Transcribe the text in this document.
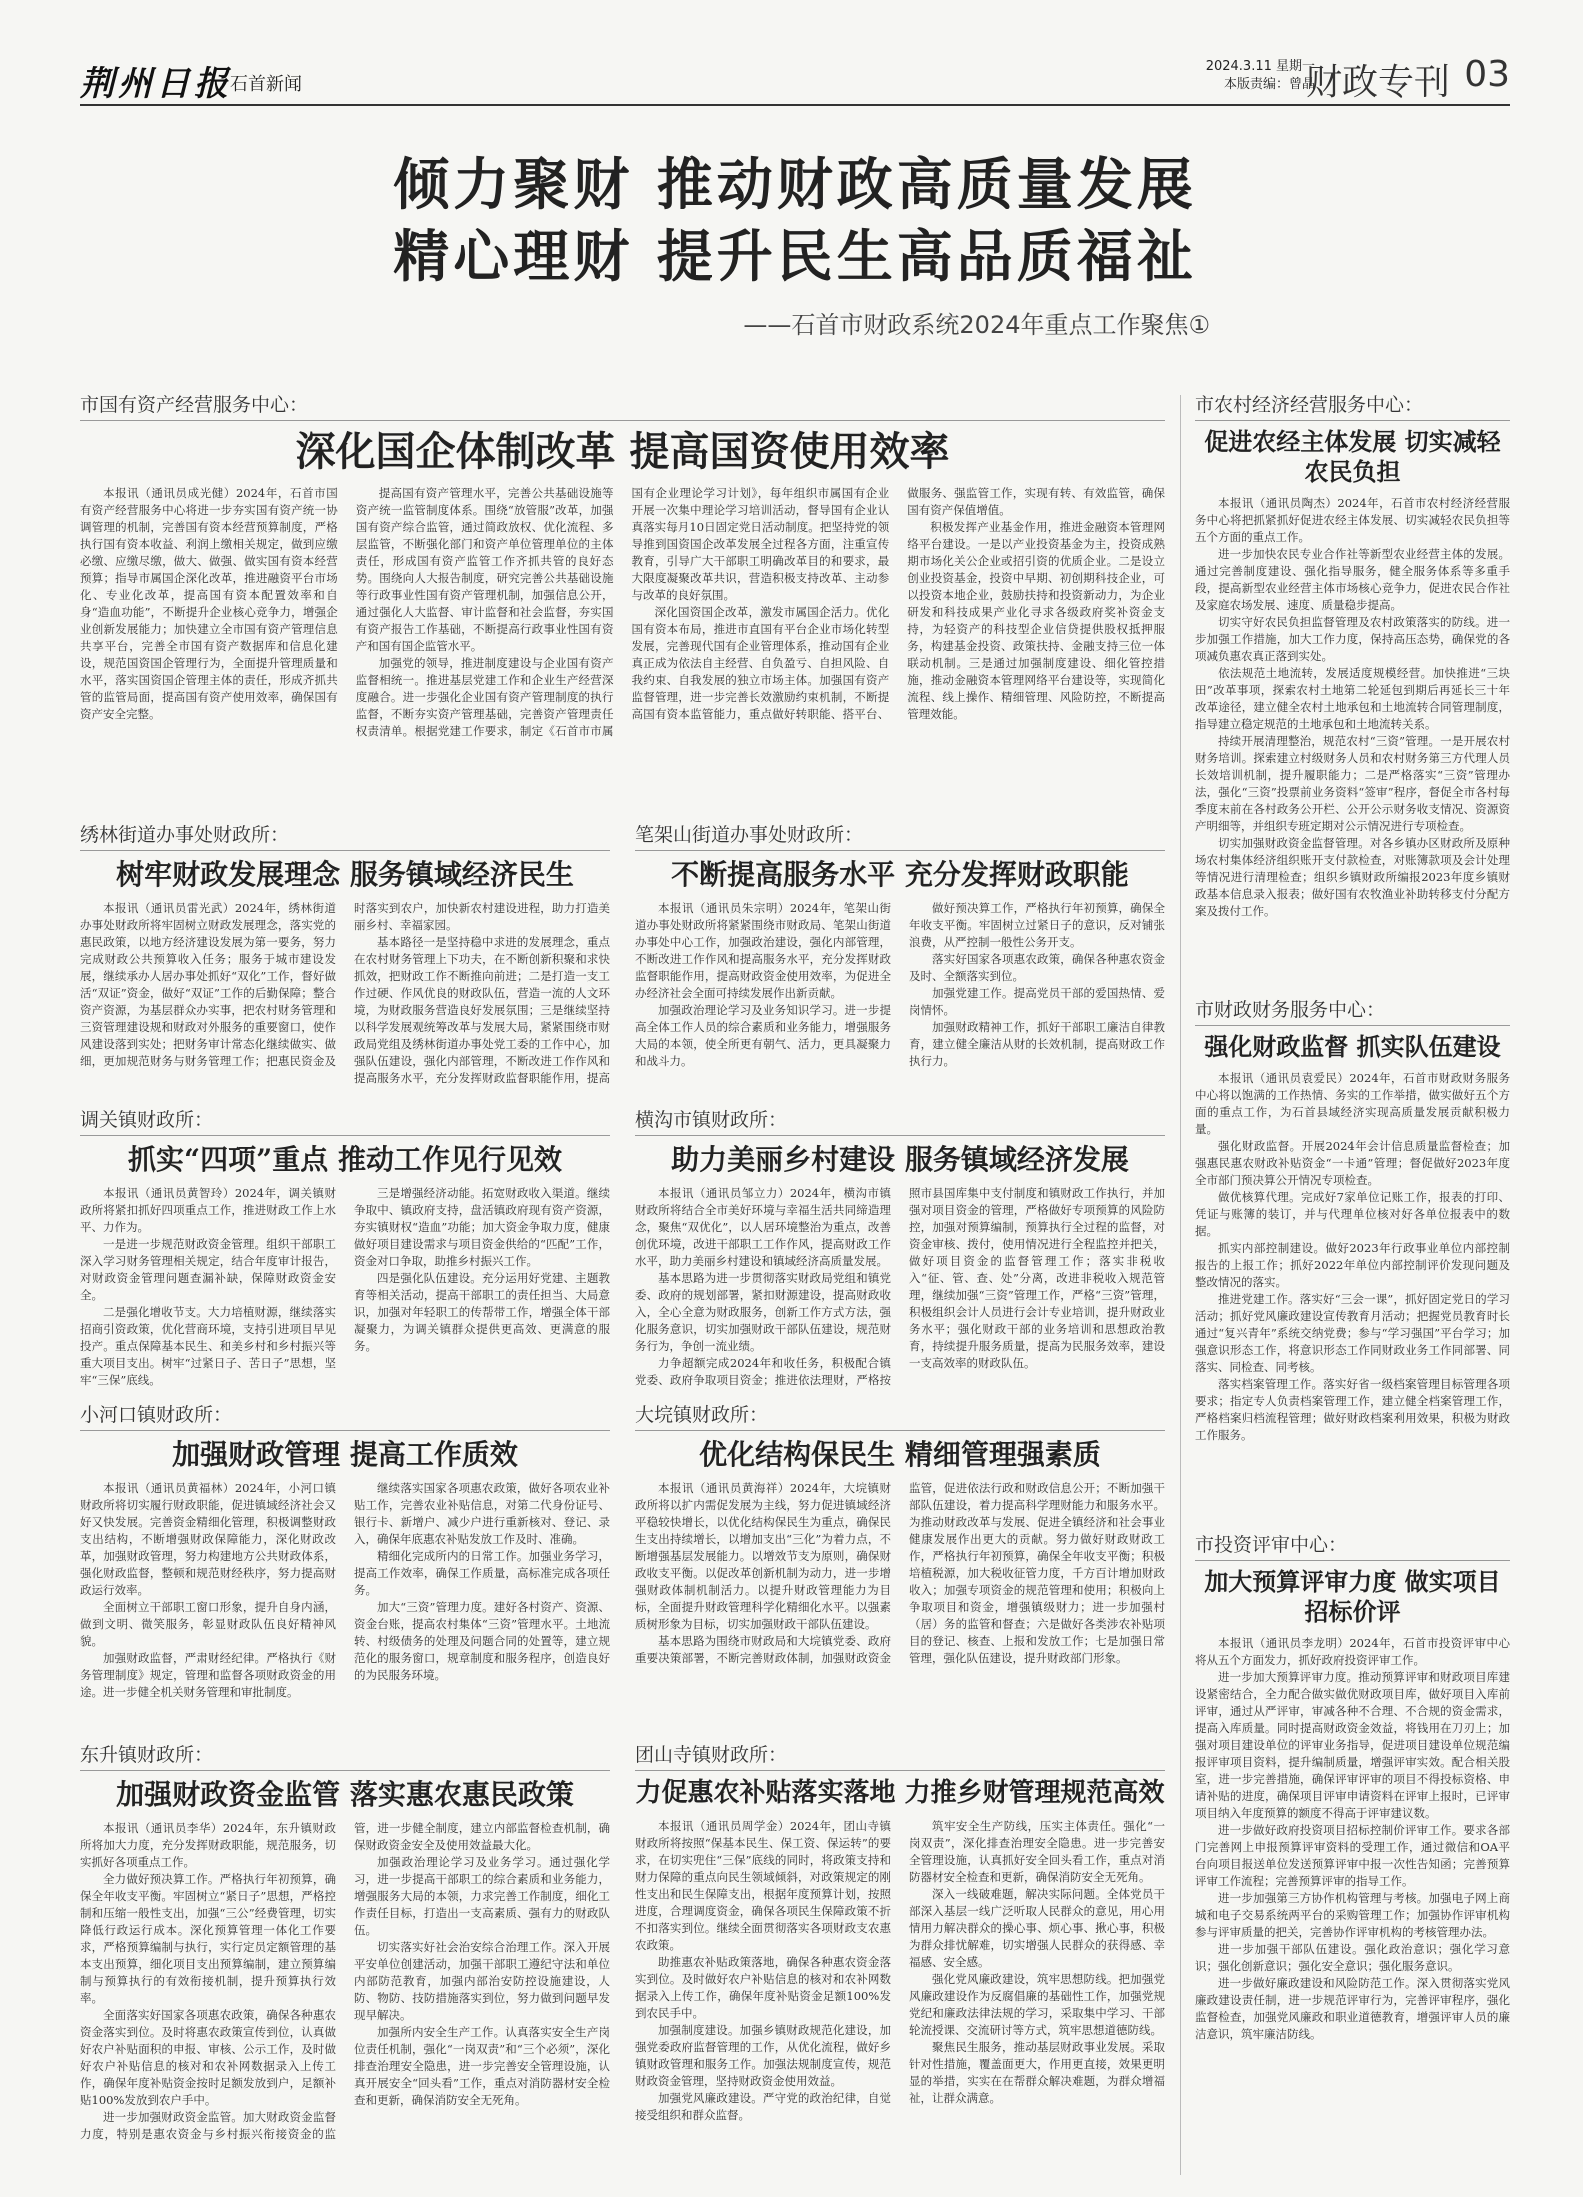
荆州日报
石首新闻
2024.3.11 星期一
本版责编：曾晶
财政专刊 03
倾力聚财 推动财政高质量发展
精心理财 提升民生高品质福祉
——石首市财政系统2024年重点工作聚焦①
市国有资产经营服务中心：
深化国企体制改革 提高国资使用效率

本报讯（通讯员成光健）2024年，石首市国有资产经营服务中心将进一步夯实国有资产统一协调管理的机制，完善国有资本经营预算制度，严格执行国有资本收益、利润上缴相关规定，做到应缴必缴、应缴尽缴，做大、做强、做实国有资本经营预算；指导市属国企深化改革，推进融资平台市场化、专业化改革，提高国有资本配置效率和自身“造血功能”，不断提升企业核心竞争力，增强企业创新发展能力；加快建立全市国有资产管理信息共享平台，完善全市国有资产数据库和信息化建设，规范国资国企管理行为，全面提升管理质量和水平，落实国资国企管理主体的责任，形成齐抓共管的监管局面，提高国有资产使用效率，确保国有资产安全完整。

提高国有资产管理水平，完善公共基础设施等资产统一监管制度体系。围绕“放管服”改革，加强国有资产综合监管，通过简政放权、优化流程、多层监管，不断强化部门和资产单位管理单位的主体责任，形成国有资产监管工作齐抓共管的良好态势。围绕向人大报告制度，研究完善公共基础设施等行政事业性国有资产管理机制，加强信息公开，通过强化人大监督、审计监督和社会监督，夯实国有资产报告工作基础，不断提高行政事业性国有资产和国有国企监管水平。

加强党的领导，推进制度建设与企业国有资产监督相统一。推进基层党建工作和企业生产经营深度融合。进一步强化企业国有资产管理制度的执行监督，不断夯实资产管理基础，完善资产管理责任权责清单。根据党建工作要求，制定《石首市市属国有企业理论学习计划》，每年组织市属国有企业开展一次集中理论学习培训活动，督导国有企业认真落实每月10日固定党日活动制度。把坚持党的领导推到国资国企改革发展全过程各方面，注重宣传教育，引导广大干部职工明确改革目的和要求，最大限度凝聚改革共识，营造积极支持改革、主动参与改革的良好氛围。

深化国资国企改革，激发市属国企活力。优化国有资本布局，推进市直国有平台企业市场化转型发展，完善现代国有企业管理体系，推动国有企业真正成为依法自主经营、自负盈亏、自担风险、自我约束、自我发展的独立市场主体。加强国有资产监督管理，进一步完善长效激励约束机制，不断提高国有资本监管能力，重点做好转职能、搭平台、做服务、强监管工作，实现有转、有效监管，确保国有资产保值增值。

积极发挥产业基金作用，推进金融资本管理网络平台建设。一是以产业投资基金为主，投资成熟期市场化关公企业或招引资的优质企业。二是设立创业投资基金，投资中早期、初创期科技企业，可以投资本地企业，鼓励扶持和投资新动力，为企业研发和科技成果产业化寻求各级政府奖补资金支持，为轻资产的科技型企业信贷提供股权抵押服务，构建基金投资、政策扶持、金融支持三位一体联动机制。三是通过加强制度建设、细化管控措施，推动金融资本管理网络平台建设等，实现简化流程、线上操作、精细管理、风险防控，不断提高管理效能。

绣林街道办事处财政所：
树牢财政发展理念 服务镇域经济民生

本报讯（通讯员雷光武）2024年，绣林街道办事处财政所将牢固树立财政发展理念，落实党的惠民政策，以地方经济建设发展为第一要务，努力完成财政公共预算收入任务；服务于城市建设发展，继续承办人居办事处抓好“双化”工作，督好做活“双证”资金，做好“双证”工作的后勤保障；整合资产资源，为基层群众办实事，把农村财务管理和三资管理建设规和财政对外服务的重要窗口，使作风建设落到实处；把财务审计常态化继续做实、做细，更加规范财务与财务管理工作；把惠民资金及时落实到农户，加快新农村建设进程，助力打造美丽乡村、幸福家园。

基本路径一是坚持稳中求进的发展理念，重点在农村财务管理上下功夫，在不断创新积聚和求快抓效，把财政工作不断推向前进；二是打造一支工作过硬、作风优良的财政队伍，营造一流的人文环境，为财政服务营造良好发展氛围；三是继续坚持以科学发展观统筹改革与发展大局，紧紧围绕市财政局党组及绣林街道办事处党工委的工作中心，加强队伍建设，强化内部管理，不断改进工作作风和提高服务水平，充分发挥财政监督职能作用，提高

调关镇财政所：
抓实“四项”重点 推动工作见行见效

本报讯（通讯员黄智玲）2024年，调关镇财政所将紧扣抓好四项重点工作，推进财政工作上水平、力作为。

一是进一步规范财政资金管理。组织干部职工深入学习财务管理相关规定，结合年度审计报告，对财政资金管理问题查漏补缺，保障财政资金安全。

二是强化增收节支。大力培植财源，继续落实招商引资政策，优化营商环境，支持引进项目早见投产。重点保障基本民生、和美乡村和乡村振兴等重大项目支出。树牢“过紧日子、苦日子”思想，坚牢“三保”底线。

三是增强经济动能。拓宽财政收入渠道。继续争取中、镇政府支持，盘活镇政府现有资产资源，夯实镇财权“造血”功能；加大资金争取力度，健康做好项目建设需求与项目资金供给的“匹配”工作，资金对口争取，助推乡村振兴工作。

四是强化队伍建设。充分运用好党建、主题教育等相关活动，提高干部职工的责任担当、大局意识，加强对年轻职工的传帮带工作，增强全体干部凝聚力，为调关镇群众提供更高效、更满意的服务。

小河口镇财政所：
加强财政管理 提高工作质效

本报讯（通讯员黄福林）2024年，小河口镇财政所将切实履行财政职能，促进镇域经济社会又好又快发展。完善资金精细化管理，积极调整财政支出结构，不断增强财政保障能力，深化财政改革，加强财政管理，努力构建地方公共财政体系，强化财政监督，整顿和规范财经秩序，努力提高财政运行效率。

全面树立干部职工窗口形象，提升自身内涵，做到文明、微笑服务，彰显财政队伍良好精神风貌。

加强财政监督，严肃财经纪律。严格执行《财务管理制度》规定，管理和监督各项财政资金的用途。进一步健全机关财务管理和审批制度。

继续落实国家各项惠农政策，做好各项农业补贴工作，完善农业补贴信息，对第二代身份证号、银行卡、新增户、减少户进行重新核对、登记、录入，确保年底惠农补贴发放工作及时、准确。

精细化完成所内的日常工作。加强业务学习，提高工作效率，确保工作质量，高标准完成各项任务。

加大“三资”管理力度。建好各村资产、资源、资金台账，提高农村集体“三资”管理水平。土地流转、村级债务的处理及问题合同的处置等，建立规范化的服务窗口，规章制度和服务程序，创造良好的为民服务环境。

东升镇财政所：
加强财政资金监管 落实惠农惠民政策

本报讯（通讯员李华）2024年，东升镇财政所将加大力度，充分发挥财政职能，规范服务，切实抓好各项重点工作。

全力做好预决算工作。严格执行年初预算，确保全年收支平衡。牢固树立“紧日子”思想，严格控制和压缩一般性支出，加强“三公”经费管理，切实降低行政运行成本。深化预算管理一体化工作要求，严格预算编制与执行，实行定员定额管理的基本支出预算，细化项目支出预算编制，建立预算编制与预算执行的有效衔接机制，提升预算执行效率。

全面落实好国家各项惠农政策，确保各种惠农资金落实到位。及时将惠农政策宣传到位，认真做好农户补贴面积的申报、审核、公示工作，及时做好农户补贴信息的核对和农补网数据录入上传工作，确保年度补贴资金按时足额发放到户，足额补贴100%发放到农户手中。

进一步加强财政资金监管。加大财政资金监督力度，特别是惠农资金与乡村振兴衔接资金的监管，进一步健全制度，建立内部监督检查机制，确保财政资金安全及使用效益最大化。

加强政治理论学习及业务学习。通过强化学习，进一步提高干部职工的综合素质和业务能力，增强服务大局的本领，力求完善工作制度，细化工作责任目标，打造出一支高素质、强有力的财政队伍。

切实落实好社会治安综合治理工作。深入开展平安单位创建活动，加强干部职工遵纪守法和单位内部防范教育，加强内部治安防控设施建设，人防、物防、技防措施落实到位，努力做到问题早发现早解决。

加强所内安全生产工作。认真落实安全生产岗位责任机制，强化“一岗双责”和“三个必须”，深化排查治理安全隐患，进一步完善安全管理设施，认真开展安全“回头看”工作，重点对消防器材安全检查和更新，确保消防安全无死角。

笔架山街道办事处财政所：
不断提高服务水平 充分发挥财政职能

本报讯（通讯员朱宗明）2024年，笔架山街道办事处财政所将紧紧围绕市财政局、笔架山街道办事处中心工作，加强政治建设，强化内部管理，不断改进工作作风和提高服务水平，充分发挥财政监督职能作用，提高财政资金使用效率，为促进全办经济社会全面可持续发展作出新贡献。

加强政治理论学习及业务知识学习。进一步提高全体工作人员的综合素质和业务能力，增强服务大局的本领，使全所更有朝气、活力，更具凝聚力和战斗力。

做好预决算工作，严格执行年初预算，确保全年收支平衡。牢固树立过紧日子的意识，反对铺张浪费，从严控制一般性公务开支。

落实好国家各项惠农政策，确保各种惠农资金及时、全额落实到位。

加强党建工作。提高党员干部的爱国热情、爱岗情怀。

加强财政精神工作，抓好干部职工廉洁自律教育，建立健全廉洁从财的长效机制，提高财政工作执行力。

横沟市镇财政所：
助力美丽乡村建设 服务镇域经济发展

本报讯（通讯员邹立力）2024年，横沟市镇财政所将结合全市美好环境与幸福生活共同缔造理念，聚焦“双优化”，以人居环境整治为重点，改善创优环境，改进干部职工工作作风，提高财政工作水平，助力美丽乡村建设和镇域经济高质量发展。

基本思路为进一步贯彻落实财政局党组和镇党委、政府的规划部署，紧扣财源建设，提高财政收入，全心全意为财政服务，创新工作方式方法，强化服务意识，切实加强财政干部队伍建设，规范财务行为，争创一流业绩。

力争超额完成2024年和收任务，积极配合镇党委、政府争取项目资金；推进依法理财，严格按照市县国库集中支付制度和镇财政工作执行，并加强对项目资金的管理，严格做好专项预算的风险防控，加强对预算编制，预算执行全过程的监督，对资金审核、拨付，使用情况进行全程监控并把关，做好项目资金的监督管理工作；落实非税收入“征、管、查、处”分离，改进非税收入规范管理，继续加强“三资”管理工作，严格“三资”管理，积极组织会计人员进行会计专业培训，提升财政业务水平；强化财政干部的业务培训和思想政治教育，持续提升服务质量，提高为民服务效率，建设一支高效率的财政队伍。

大垸镇财政所：
优化结构保民生 精细管理强素质

本报讯（通讯员黄海祥）2024年，大垸镇财政所将以扩内需促发展为主线，努力促进镇域经济平稳较快增长，以优化结构保民生为重点，确保民生支出持续增长，以增加支出“三化”为着力点，不断增强基层发展能力。以增效节支为原则，确保财政收支平衡。以促改革创新机制为动力，进一步增强财政体制机制活力。以提升财政管理能力为目标，全面提升财政管理科学化精细化水平。以强素质树形象为目标，切实加强财政干部队伍建设。

基本思路为围绕市财政局和大垸镇党委、政府重要决策部署，不断完善财政体制，加强财政资金监管，促进依法行政和财政信息公开；不断加强干部队伍建设，着力提高科学理财能力和服务水平。为推动财政改革与发展、促进全镇经济和社会事业健康发展作出更大的贡献。努力做好财政财政工作，严格执行年初预算，确保全年收支平衡；积极培植税源，加大税收征管力度，千方百计增加财政收入；加强专项资金的规范管理和使用；积极向上争取项目和资金，增强镇级财力；进一步加强村（居）务的监管和督查；六是做好各类涉农补贴项目的登记、核查、上报和发放工作；七是加强日常管理，强化队伍建设，提升财政部门形象。

团山寺镇财政所：
力促惠农补贴落实落地 力推乡财管理规范高效

本报讯（通讯员周学金）2024年，团山寺镇财政所将按照“保基本民生、保工资、保运转”的要求，在切实兜住“三保”底线的同时，将政策支持和财力保障的重点向民生领域倾斜，对政策规定的刚性支出和民生保障支出，根据年度预算计划，按照进度，合理调度资金，确保各项民生保障政策不折不扣落实到位。继续全面贯彻落实各项财政支农惠农政策。

助推惠农补贴政策落地，确保各种惠农资金落实到位。及时做好农户补贴信息的核对和农补网数据录入上传工作，确保年度补贴资金足额100%发到农民手中。

加强制度建设。加强乡镇财政规范化建设，加强党委政府监督管理的工作，从优化流程，做好乡镇财政管理和服务工作。加强法规制度宣传，规范财政资金管理，坚持财政资金使用效益。

加强党风廉政建设。严守党的政治纪律，自觉接受组织和群众监督。

筑牢安全生产防线，压实主体责任。强化“一岗双责”，深化排查治理安全隐患。进一步完善安全管理设施，认真抓好安全回头看工作，重点对消防器材安全检查和更新，确保消防安全无死角。

深入一线破难题，解决实际问题。全体党员干部深入基层一线广泛听取人民群众的意见，用心用情用力解决群众的操心事、烦心事、揪心事，积极为群众排忧解难，切实增强人民群众的获得感、幸福感、安全感。

强化党风廉政建设，筑牢思想防线。把加强党风廉政建设作为反腐倡廉的基础性工作，加强党规党纪和廉政法律法规的学习，采取集中学习、干部轮流授课、交流研讨等方式，筑牢思想道德防线。

聚焦民生服务，推动基层财政事业发展。采取针对性措施，覆盖面更大，作用更直接，效果更明显的举措，实实在在帮群众解决难题，为群众增福祉，让群众满意。

市农村经济经营服务中心：
促进农经主体发展 切实减轻农民负担

本报讯（通讯员陶杰）2024年，石首市农村经济经营服务中心将把抓紧抓好促进农经主体发展、切实减轻农民负担等五个方面的重点工作。

进一步加快农民专业合作社等新型农业经营主体的发展。通过完善制度建设、强化指导服务，健全服务体系等多重手段，提高新型农业经营主体市场核心竞争力，促进农民合作社及家庭农场发展、速度、质量稳步提高。

切实守好农民负担监督管理及农村政策落实的防线。进一步加强工作措施，加大工作力度，保持高压态势，确保党的各项减负惠农真正落到实处。

依法规范土地流转，发展适度规模经营。加快推进“三块田”改革事项，探索农村土地第二轮延包到期后再延长三十年改革途径，建立健全农村土地承包和土地流转合同管理制度，指导建立稳定规范的土地承包和土地流转关系。

持续开展清理整治，规范农村“三资”管理。一是开展农村财务培训。探索建立村级财务人员和农村财务第三方代理人员长效培训机制，提升履职能力；二是严格落实“三资”管理办法，强化“三资”投票前业务资料“签审”程序，督促全市各村每季度末前在各村政务公开栏、公开公示财务收支情况、资源资产明细等，并组织专班定期对公示情况进行专项检查。

切实加强财政资金监督管理。对各乡镇办区财政所及原种场农村集体经济组织账开支付款检查，对账簿款项及会计处理等情况进行清理检查；组织乡镇财政所编报2023年度乡镇财政基本信息录入报表；做好国有农牧渔业补助转移支付分配方案及拨付工作。

市财政财务服务中心：
强化财政监督 抓实队伍建设

本报讯（通讯员袁爱民）2024年，石首市财政财务服务中心将以饱满的工作热情、务实的工作举措，做实做好五个方面的重点工作，为石首县域经济实现高质量发展贡献积极力量。

强化财政监督。开展2024年会计信息质量监督检查；加强惠民惠农财政补贴资金“一卡通”管理；督促做好2023年度全市部门预决算公开情况专项检查。

做优核算代理。完成好7家单位记账工作，报表的打印、凭证与账簿的装订，并与代理单位核对好各单位报表中的数据。

抓实内部控制建设。做好2023年行政事业单位内部控制报告的上报工作；抓好2022年单位内部控制评价发现问题及整改情况的落实。

推进党建工作。落实好“三会一课”，抓好固定党日的学习活动；抓好党风廉政建设宣传教育月活动；把握党员教育时长通过“复兴青年”系统交纳党费；参与“学习强国”平台学习；加强意识形态工作，将意识形态工作同财政业务工作同部署、同落实、同检查、同考核。

落实档案管理工作。落实好省一级档案管理目标管理各项要求；指定专人负责档案管理工作，建立健全档案管理工作，严格档案归档流程管理；做好财政档案利用效果，积极为财政工作服务。

市投资评审中心：
加大预算评审力度 做实项目招标价评

本报讯（通讯员李龙明）2024年，石首市投资评审中心将从五个方面发力，抓好政府投资评审工作。

进一步加大预算评审力度。推动预算评审和财政项目库建设紧密结合，全力配合做实做优财政项目库，做好项目入库前评审，通过从严评审，审减各种不合理、不合规的资金需求，提高入库质量。同时提高财政资金效益，将钱用在刀刃上；加强对项目建设单位的评审业务指导，促进项目建设单位规范编报评审项目资料，提升编制质量，增强评审实效。配合相关股室，进一步完善措施，确保评审评审的项目不得投标资格、申请补贴的进度，确保项目评审申请资料在评审上报时，已评审项目纳入年度预算的额度不得高于评审建议数。

进一步做好政府投资项目招标控制价评审工作。要求各部门完善网上申报预算评审资料的受理工作，通过微信和OA平台向项目报送单位发送预算评审中报一次性告知函；完善预算评审工作流程；完善预算评审的指导工作。

进一步加强第三方协作机构管理与考核。加强电子网上商城和电子交易系统两平台的采购管理工作；加强协作评审机构参与评审质量的把关，完善协作评审机构的考核管理办法。

进一步加强干部队伍建设。强化政治意识；强化学习意识；强化创新意识；强化安全意识；强化服务意识。

进一步做好廉政建设和风险防范工作。深入贯彻落实党风廉政建设责任制，进一步规范评审行为，完善评审程序，强化监督检查，加强党风廉政和职业道德教育，增强评审人员的廉洁意识，筑牢廉洁防线。
